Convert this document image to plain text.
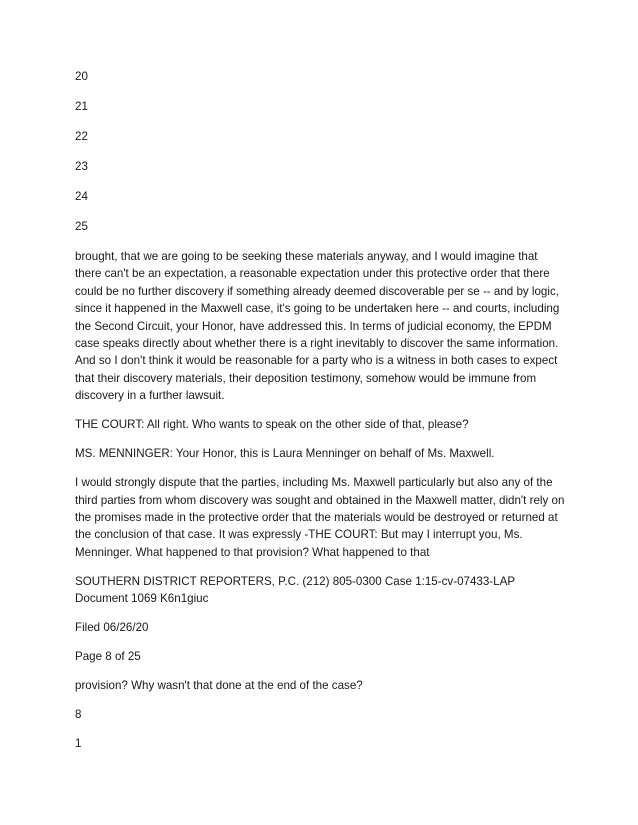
20
21
22
23
24
25

brought, that we are going to be seeking these materials anyway, and I would imagine that there can't be an expectation, a reasonable expectation under this protective order that there could be no further discovery if something already deemed discoverable per se -- and by logic, since it happened in the Maxwell case, it's going to be undertaken here -- and courts, including the Second Circuit, your Honor, have addressed this. In terms of judicial economy, the EPDM case speaks directly about whether there is a right inevitably to discover the same information. And so I don't think it would be reasonable for a party who is a witness in both cases to expect that their discovery materials, their deposition testimony, somehow would be immune from discovery in a further lawsuit.

THE COURT: All right. Who wants to speak on the other side of that, please?

MS. MENNINGER: Your Honor, this is Laura Menninger on behalf of Ms. Maxwell.

I would strongly dispute that the parties, including Ms. Maxwell particularly but also any of the third parties from whom discovery was sought and obtained in the Maxwell matter, didn't rely on the promises made in the protective order that the materials would be destroyed or returned at the conclusion of that case. It was expressly -THE COURT: But may I interrupt you, Ms. Menninger. What happened to that provision? What happened to that

SOUTHERN DISTRICT REPORTERS, P.C. (212) 805-0300 Case 1:15-cv-07433-LAP Document 1069 K6n1giuc

Filed 06/26/20

Page 8 of 25

provision? Why wasn't that done at the end of the case?

8

1
